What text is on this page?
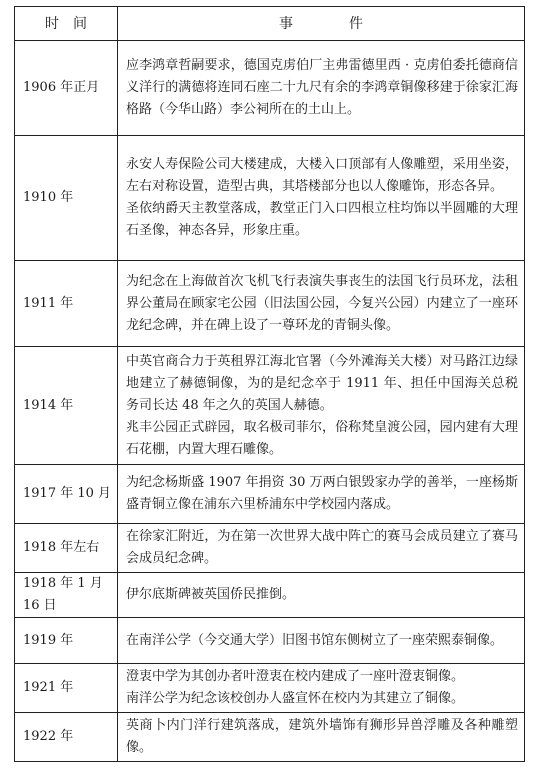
时　间	事　　　　件
1906 年正月	应李鸿章哲嗣要求，德国克虏伯厂主弗雷德里西 · 克虏伯委托德商信义洋行的满德将连同石座二十九尺有余的李鸿章铜像移建于徐家汇海格路（今华山路）李公祠所在的土山上。

1910 年	永安人寿保险公司大楼建成，大楼入口顶部有人像雕塑，采用坐姿，左右对称设置，造型古典，其塔楼部分也以人像雕饰，形态各异。
圣依纳爵天主教堂落成，教堂正门入口四根立柱均饰以半圆雕的大理石圣像，神态各异，形象庄重。

1911 年	为纪念在上海做首次飞机飞行表演失事丧生的法国飞行员环龙，法租界公董局在顾家宅公园（旧法国公园，今复兴公园）内建立了一座环龙纪念碑，并在碑上设了一尊环龙的青铜头像。

1914 年	中英官商合力于英租界江海北官署（今外滩海关大楼）对马路江边绿地建立了赫德铜像，为的是纪念卒于 1911 年、担任中国海关总税务司长达 48 年之久的英国人赫德。
兆丰公园正式辟园，取名极司菲尔，俗称梵皇渡公园，园内建有大理石花棚，内置大理石雕像。

1917 年 10 月	为纪念杨斯盛 1907 年捐资 30 万两白银毁家办学的善举，一座杨斯盛青铜立像在浦东六里桥浦东中学校园内落成。

1918 年左右	在徐家汇附近，为在第一次世界大战中阵亡的赛马会成员建立了赛马会成员纪念碑。

1918 年 1 月 16 日	伊尔底斯碑被英国侨民推倒。

1919 年	在南洋公学（今交通大学）旧图书馆东侧树立了一座荣熙泰铜像。

1921 年	澄衷中学为其创办者叶澄衷在校内建成了一座叶澄衷铜像。
南洋公学为纪念该校创办人盛宣怀在校内为其建立了铜像。

1922 年	英商卜内门洋行建筑落成，建筑外墙饰有狮形异兽浮雕及各种雕塑像。
